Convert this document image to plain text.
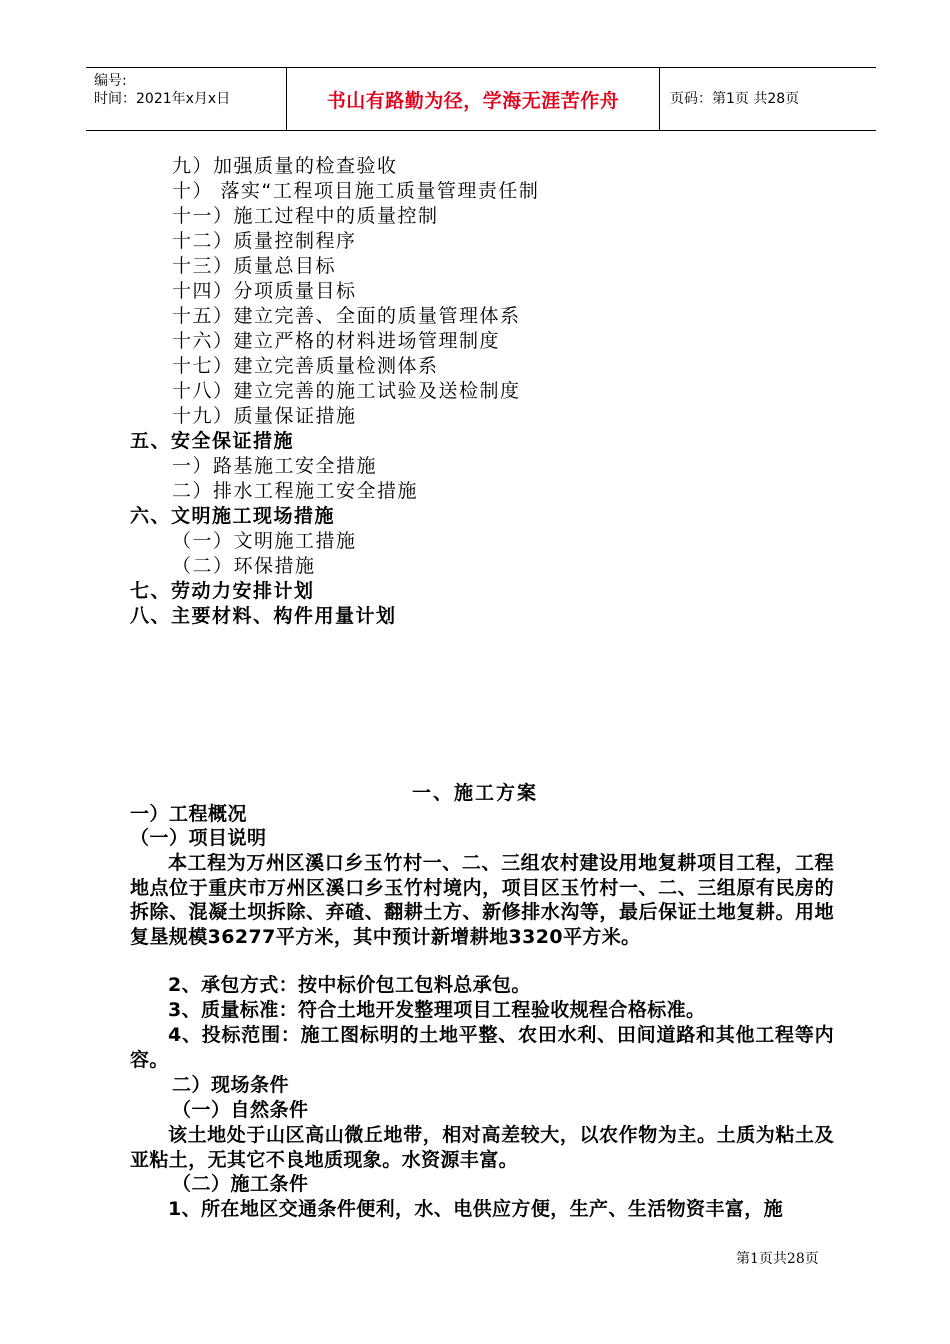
编号:
时间：2021年x月x日	书山有路勤为径，学海无涯苦作舟	页码：第1页 共28页
九）加强质量的检查验收
十） 落实“工程项目施工质量管理责任制
十一）施工过程中的质量控制
十二）质量控制程序
十三）质量总目标
十四）分项质量目标
十五）建立完善、全面的质量管理体系
十六）建立严格的材料进场管理制度
十七）建立完善质量检测体系
十八）建立完善的施工试验及送检制度
十九）质量保证措施
五、安全保证措施
一）路基施工安全措施
二）排水工程施工安全措施
六、文明施工现场措施
（一）文明施工措施
（二）环保措施
七、劳动力安排计划
八、主要材料、构件用量计划
一、施工方案
一）工程概况
（一）项目说明
本工程为万州区溪口乡玉竹村一、二、三组农村建设用地复耕项目工程，工程地点位于重庆市万州区溪口乡玉竹村境内，项目区玉竹村一、二、三组原有民房的拆除、混凝土坝拆除、弃碴、翻耕土方、新修排水沟等，最后保证土地复耕。用地复垦规模36277平方米，其中预计新增耕地3320平方米。
2、承包方式：按中标价包工包料总承包。
3、质量标准：符合土地开发整理项目工程验收规程合格标准。
4、投标范围：施工图标明的土地平整、农田水利、田间道路和其他工程等内容。
二）现场条件
（一）自然条件
该土地处于山区高山微丘地带，相对高差较大，以农作物为主。土质为粘土及亚粘土，无其它不良地质现象。水资源丰富。
（二）施工条件
1、所在地区交通条件便利，水、电供应方便，生产、生活物资丰富，施
第1页共28页
